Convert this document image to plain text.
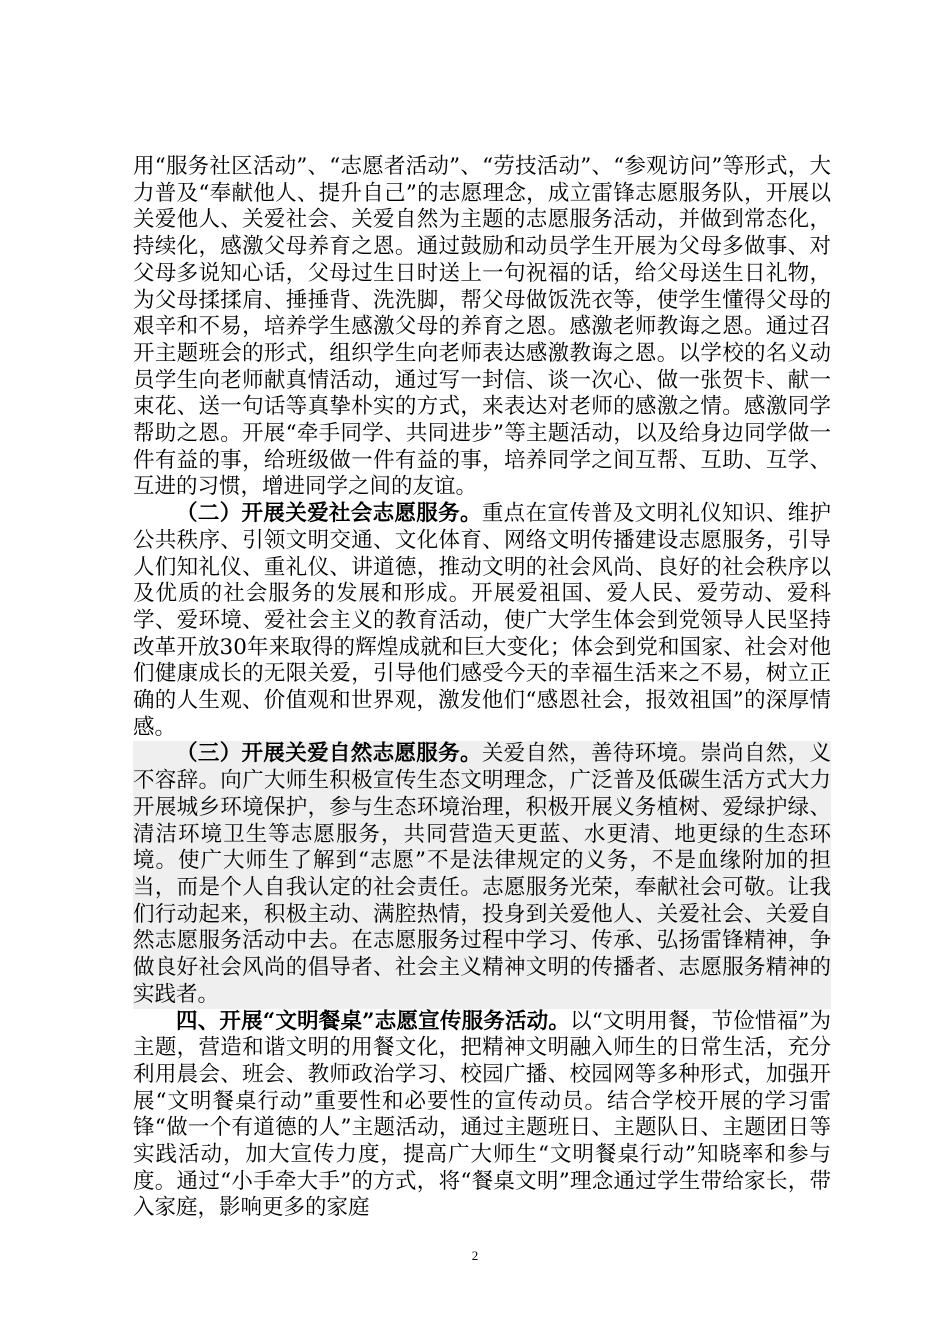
用“服务社区活动”、“志愿者活动”、“劳技活动”、“参观访问”等形式，大力普及“奉献他人、提升自己”的志愿理念，成立雷锋志愿服务队，开展以关爱他人、关爱社会、关爱自然为主题的志愿服务活动，并做到常态化，持续化，感激父母养育之恩。通过鼓励和动员学生开展为父母多做事、对父母多说知心话，父母过生日时送上一句祝福的话，给父母送生日礼物，为父母揉揉肩、捶捶背、洗洗脚，帮父母做饭洗衣等，使学生懂得父母的艰辛和不易，培养学生感激父母的养育之恩。感激老师教诲之恩。通过召开主题班会的形式，组织学生向老师表达感激教诲之恩。以学校的名义动员学生向老师献真情活动，通过写一封信、谈一次心、做一张贺卡、献一束花、送一句话等真挚朴实的方式，来表达对老师的感激之情。感激同学帮助之恩。开展“牵手同学、共同进步”等主题活动，以及给身边同学做一件有益的事，给班级做一件有益的事，培养同学之间互帮、互助、互学、互进的习惯，增进同学之间的友谊。

（二）开展关爱社会志愿服务。重点在宣传普及文明礼仪知识、维护公共秩序、引领文明交通、文化体育、网络文明传播建设志愿服务，引导人们知礼仪、重礼仪、讲道德，推动文明的社会风尚、良好的社会秩序以及优质的社会服务的发展和形成。开展爱祖国、爱人民、爱劳动、爱科学、爱环境、爱社会主义的教育活动，使广大学生体会到党领导人民坚持改革开放30年来取得的辉煌成就和巨大变化；体会到党和国家、社会对他们健康成长的无限关爱，引导他们感受今天的幸福生活来之不易，树立正确的人生观、价值观和世界观，激发他们“感恩社会，报效祖国”的深厚情感。

（三）开展关爱自然志愿服务。关爱自然，善待环境。崇尚自然，义不容辞。向广大师生积极宣传生态文明理念，广泛普及低碳生活方式大力开展城乡环境保护，参与生态环境治理，积极开展义务植树、爱绿护绿、清洁环境卫生等志愿服务，共同营造天更蓝、水更清、地更绿的生态环境。使广大师生了解到“志愿”不是法律规定的义务，不是血缘附加的担当，而是个人自我认定的社会责任。志愿服务光荣，奉献社会可敬。让我们行动起来，积极主动、满腔热情，投身到关爱他人、关爱社会、关爱自然志愿服务活动中去。在志愿服务过程中学习、传承、弘扬雷锋精神，争做良好社会风尚的倡导者、社会主义精神文明的传播者、志愿服务精神的实践者。

四、开展“文明餐桌”志愿宣传服务活动。以“文明用餐，节俭惜福”为主题，营造和谐文明的用餐文化，把精神文明融入师生的日常生活，充分利用晨会、班会、教师政治学习、校园广播、校园网等多种形式，加强开展“文明餐桌行动”重要性和必要性的宣传动员。结合学校开展的学习雷锋“做一个有道德的人”主题活动，通过主题班日、主题队日、主题团日等实践活动，加大宣传力度，提高广大师生“文明餐桌行动”知晓率和参与度。通过“小手牵大手”的方式，将“餐桌文明”理念通过学生带给家长，带入家庭，影响更多的家庭

2
